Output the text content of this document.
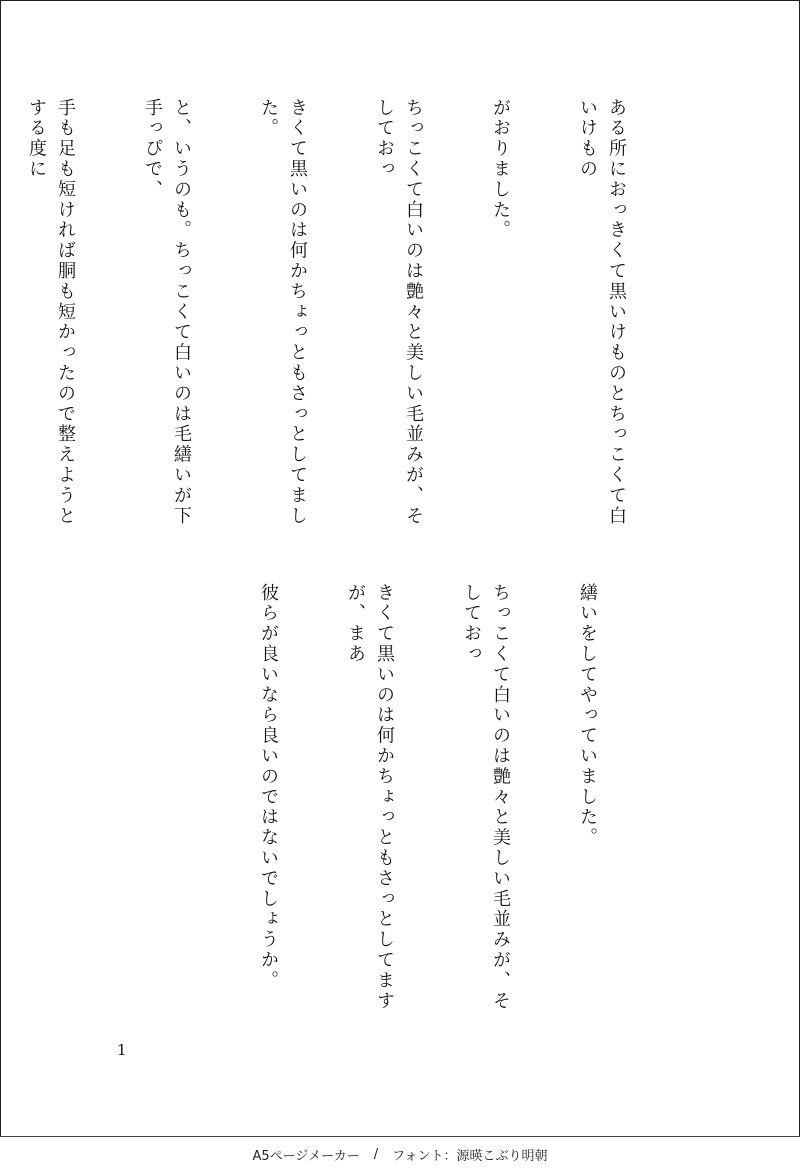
ある所におっきくて黒いけものとちっこくて白いけもの

がおりました。

ちっこくて白いのは艶々と美しい毛並みが、そしておっ

きくて黒いのは何かちょっともさっとしてました。

と、いうのも。ちっこくて白いのは毛繕いが下手っぴで、

手も足も短ければ胴も短かったので整えようとする度に

繕いをしてやっていました。

ちっこくて白いのは艶々と美しい毛並みが、そしておっ

きくて黒いのは何かちょっともさっとしてますが、まあ

彼らが良いなら良いのではないでしょうか。

1
A5ページメーカー / フォント：源暎こぶり明朝
